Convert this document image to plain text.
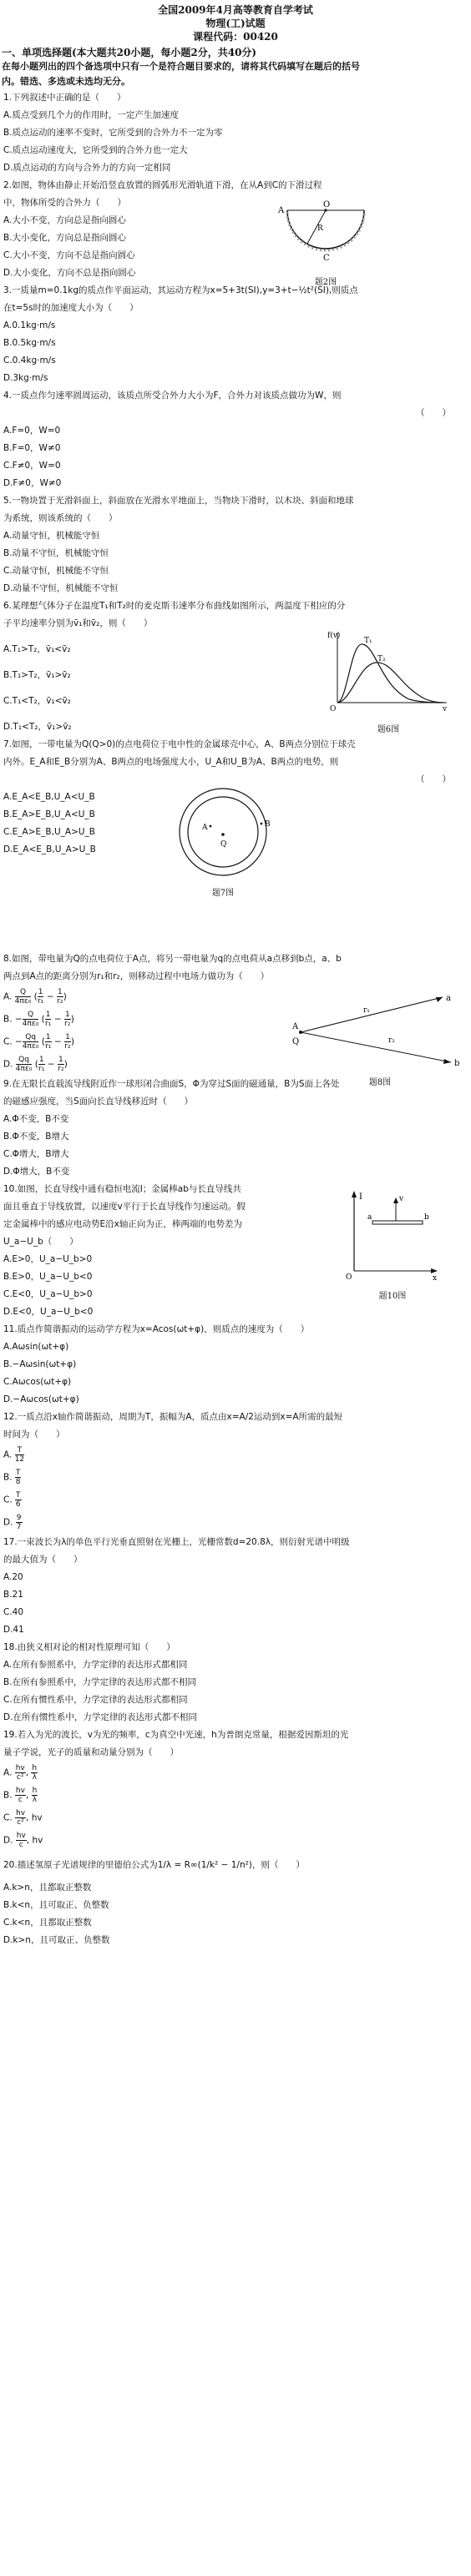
全国2009年4月高等教育自学考试
物理(工)试题
课程代码：00420
一、单项选择题(本大题共20小题，每小题2分，共40分)
在每小题列出的四个备选项中只有一个是符合题目要求的，请将其代码填写在题后的括号
内。错选、多选或未选均无分。
1.下列叙述中正确的是（　　）
A.质点受到几个力的作用时，一定产生加速度
B.质点运动的速率不变时，它所受到的合外力不一定为零
C.质点运动速度大，它所受到的合外力也一定大
D.质点运动的方向与合外力的方向一定相同
2.如图，物体由静止开始沿竖直放置的圆弧形光滑轨道下滑，在从A到C的下滑过程
中，物体所受的合外力（　　）
A.大小不变，方向总是指向圆心
B.大小变化，方向总是指向圆心
C.大小不变，方向不总是指向圆心
D.大小变化，方向不总是指向圆心
A
O
R
C
题2图
3.一质量m=0.1kg的质点作平面运动，其运动方程为x=5+3t(SI),y=3+t−½t²(SI),则质点
在t=5s时的加速度大小为（　　）
A.0.1kg·m/s
B.0.5kg·m/s
C.0.4kg·m/s
D.3kg·m/s
4.一质点作匀速率圆周运动，该质点所受合外力大小为F，合外力对该质点做功为W，则
（　　）
A.F=0，W=0
B.F=0，W≠0
C.F≠0，W=0
D.F≠0，W≠0
5.一物块置于光滑斜面上，斜面放在光滑水平地面上，当物块下滑时，以木块、斜面和地球
为系统，则该系统的（　　）
A.动量守恒，机械能守恒
B.动量不守恒，机械能守恒
C.动量守恒，机械能不守恒
D.动量不守恒，机械能不守恒
6.某理想气体分子在温度T₁和T₂时的麦克斯韦速率分布曲线如图所示，两温度下相应的分
子平均速率分别为v̄₁和v̄₂，则（　　）
A.T₁>T₂，v̄₁<v̄₂
B.T₁>T₂，v̄₁>v̄₂
C.T₁<T₂，v̄₁<v̄₂
D.T₁<T₂，v̄₁>v̄₂
f(v)
T₁
T₂
O	v
题6图
7.如图，一带电量为Q(Q>0)的点电荷位于电中性的金属球壳中心，A、B两点分别位于球壳
内外。E_A和E_B分别为A、B两点的电场强度大小，U_A和U_B为A、B两点的电势，则
（　　）
A.E_A<E_B,U_A<U_B
B.E_A>E_B,U_A<U_B
C.E_A>E_B,U_A>U_B
D.E_A<E_B,U_A>U_B
A
Q
B
题7图
8.如图，带电量为Q的点电荷位于A点，将另一带电量为q的点电荷从a点移到b点，a、b
两点到A点的距离分别为r₁和r₂，则移动过程中电场力做功为（　　）
A. $\frac{Q}{\text{4πε₀}}$ ( $\frac{1}{\text{r₁}} - \frac{1}{\text{r₂}}$ )
B. − $\frac{Q}{\text{4πε₀}}$ ( $\frac{1}{\text{r₁}} - \frac{1}{\text{r₂}}$ )
C. − $\frac{Qq}{\text{4πε₀}}$ ( $\frac{1}{\text{r₁}} - \frac{1}{\text{r₂}}$ )
D. $\frac{Qq}{\text{4πε₀}}$ ( $\frac{1}{\text{r₁}} - \frac{1}{\text{r₂}}$ )
A
Q
r₁
r₂
a
b
题8图
9.在无限长直载流导线附近作一球形闭合曲面S，Φ为穿过S面的磁通量，B为S面上各处
的磁感应强度，当S面向长直导线移近时（　　）
A.Φ不变，B不变
B.Φ不变，B增大
C.Φ增大，B增大
D.Φ增大，B不变
10.如图，长直导线中通有稳恒电流I；金属棒ab与长直导线共
面且垂直于导线放置，以速度v平行于长直导线作匀速运动。假
定金属棒中的感应电动势E沿x轴正向为正，棒两端的电势差为
U_a−U_b（　　）
A.E>0，U_a−U_b>0
B.E>0，U_a−U_b<0
C.E<0，U_a−U_b>0
D.E<0，U_a−U_b<0
I
a
v
b
O	x
题10图
11.质点作简谐振动的运动学方程为x=Acos(ωt+φ)，则质点的速度为（　　）
A.Aωsin(ωt+φ)
B.−Aωsin(ωt+φ)
C.Aωcos(ωt+φ)
D.−Aωcos(ωt+φ)
12.一质点沿x轴作简谐振动，周期为T，振幅为A，质点由x=A/2运动到x=A所需的最短
时间为（　　）
A. $\frac{T}{12}$
B. $\frac{T}{8}$
C. $\frac{T}{6}$
D. $\frac{9}{7}$
17.一束波长为λ的单色平行光垂直照射在光栅上，光栅常数d=20.8λ，则衍射光谱中明级
的最大值为（　　）
A.20
B.21
C.40
D.41
18.由狭义相对论的相对性原理可知（　　）
A.在所有参照系中，力学定律的表达形式都相同
B.在所有参照系中，力学定律的表达形式都不相同
C.在所有惯性系中，力学定律的表达形式都相同
D.在所有惯性系中，力学定律的表达形式都不相同
19.若入为光的波长，v为光的频率，c为真空中光速，h为普朗克常量，根据爱因斯坦的光
量子学说，光子的质量和动量分别为（　　）
A. $\frac{hv}{\text{c²}}$ , $\frac{h}{\lambda}$
B. $\frac{hv}{c}$ , $\frac{h}{\lambda}$
C. $\frac{hv}{\text{c²}}$ , hv
D. $\frac{hv}{c}$ , hv
20.描述氢原子光谱规律的里德伯公式为1/λ = R∞(1/k² − 1/n²)，则（　　）
A.k>n，且都取正整数
B.k<n，且可取正、负整数
C.k<n，且都取正整数
D.k>n，且可取正、负整数
